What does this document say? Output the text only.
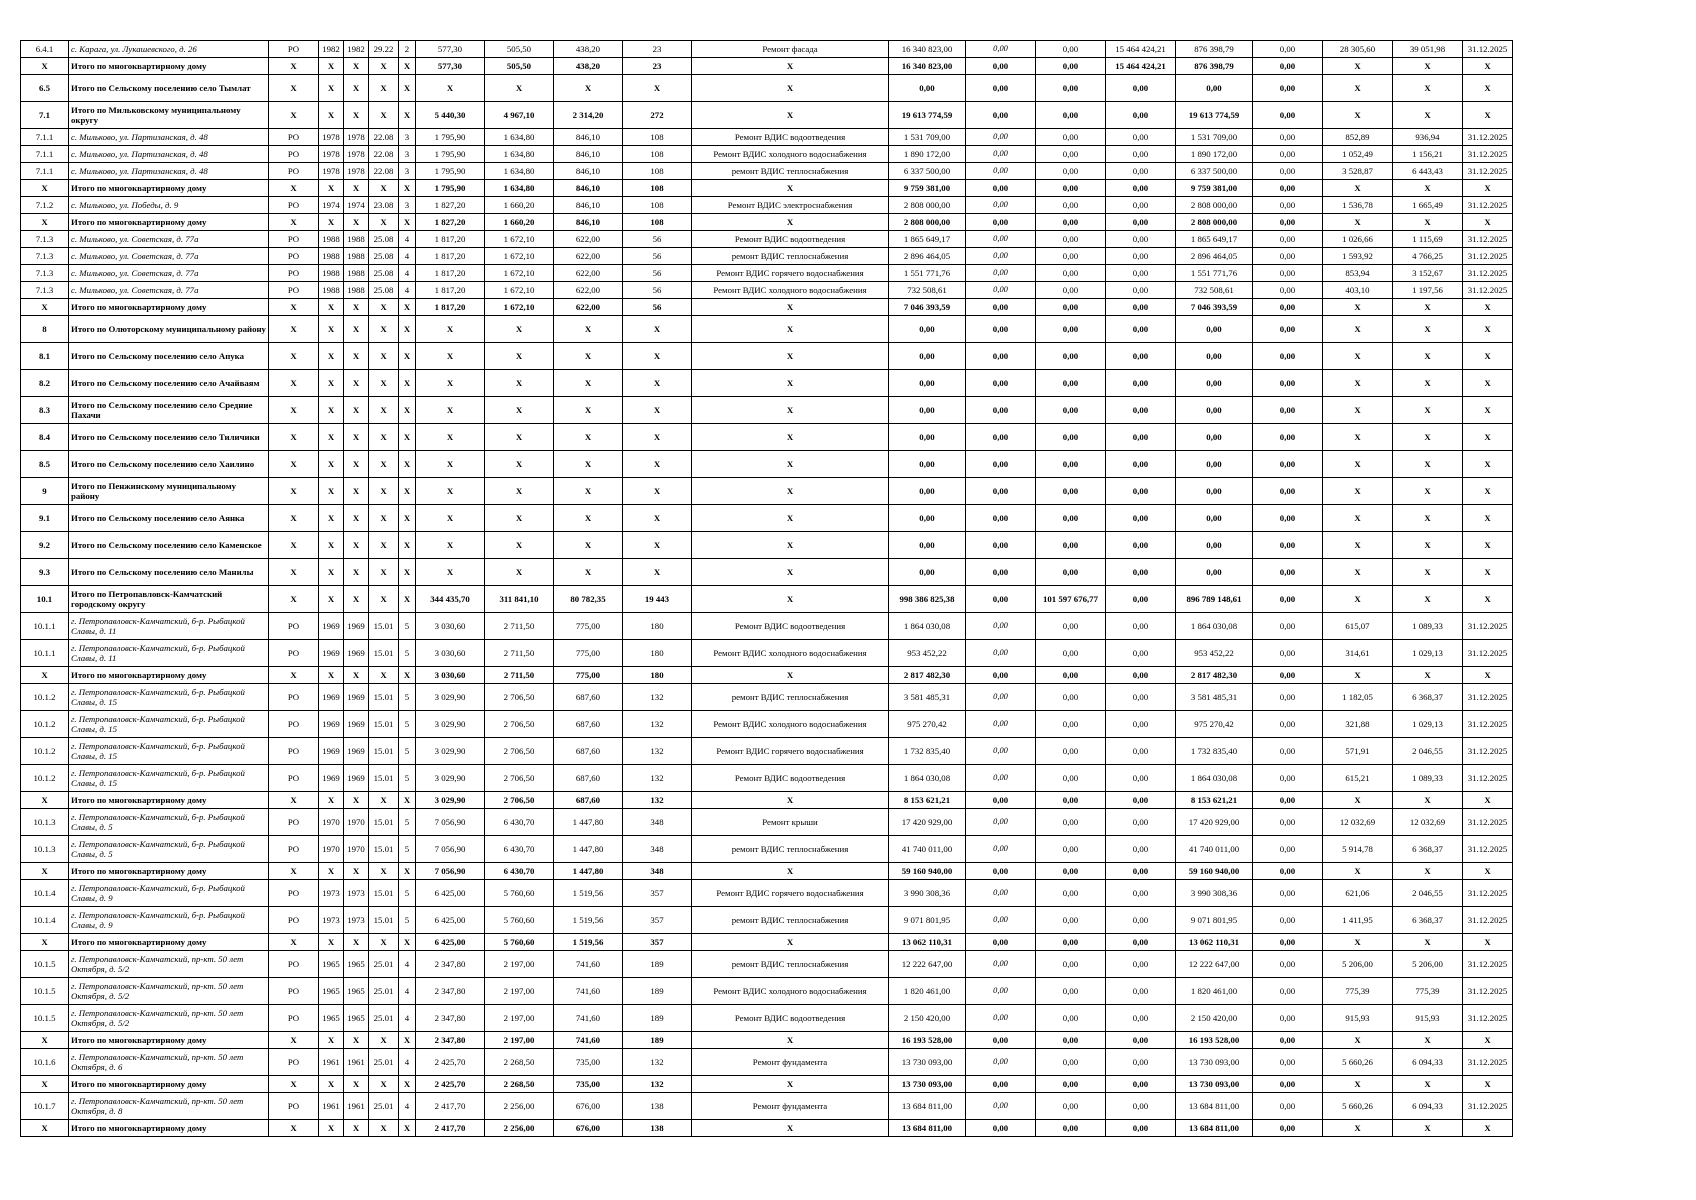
6.4.1	с. Карага, ул. Лукашевского, д. 26	РО	1982	1982	29.22	2	577,30	505,50	438,20	23	Ремонт фасада	16 340 823,00	0,00	0,00	15 464 424,21	876 398,79	0,00	28 305,60	39 051,98	31.12.2025
X	Итого по многоквартирному дому	X	X	X	X	X	577,30	505,50	438,20	23	X	16 340 823,00	0,00	0,00	15 464 424,21	876 398,79	0,00	X	X	X
6.5	Итого по Сельскому поселению село Тымлат	X	X	X	X	X	X	X	X	X	X	0,00	0,00	0,00	0,00	0,00	0,00	X	X	X
7.1	Итого по Мильковскому муниципальному округу	X	X	X	X	X	5 440,30	4 967,10	2 314,20	272	X	19 613 774,59	0,00	0,00	0,00	19 613 774,59	0,00	X	X	X
7.1.1	с. Мильково, ул. Партизанская, д. 48	РО	1978	1978	22.08	3	1 795,90	1 634,80	846,10	108	Ремонт ВДИС водоотведения	1 531 709,00	0,00	0,00	0,00	1 531 709,00	0,00	852,89	936,94	31.12.2025
7.1.1	с. Мильково, ул. Партизанская, д. 48	РО	1978	1978	22.08	3	1 795,90	1 634,80	846,10	108	Ремонт ВДИС холодного водоснабжения	1 890 172,00	0,00	0,00	0,00	1 890 172,00	0,00	1 052,49	1 156,21	31.12.2025
7.1.1	с. Мильково, ул. Партизанская, д. 48	РО	1978	1978	22.08	3	1 795,90	1 634,80	846,10	108	ремонт ВДИС теплоснабжения	6 337 500,00	0,00	0,00	0,00	6 337 500,00	0,00	3 528,87	6 443,43	31.12.2025
X	Итого по многоквартирному дому	X	X	X	X	X	1 795,90	1 634,80	846,10	108	X	9 759 381,00	0,00	0,00	0,00	9 759 381,00	0,00	X	X	X
7.1.2	с. Мильково, ул. Победы, д. 9	РО	1974	1974	23.08	3	1 827,20	1 660,20	846,10	108	Ремонт ВДИС электроснабжения	2 808 000,00	0,00	0,00	0,00	2 808 000,00	0,00	1 536,78	1 665,49	31.12.2025
X	Итого по многоквартирному дому	X	X	X	X	X	1 827,20	1 660,20	846,10	108	X	2 808 000,00	0,00	0,00	0,00	2 808 000,00	0,00	X	X	X
7.1.3	с. Мильково, ул. Советская, д. 77а	РО	1988	1988	25.08	4	1 817,20	1 672,10	622,00	56	Ремонт ВДИС водоотведения	1 865 649,17	0,00	0,00	0,00	1 865 649,17	0,00	1 026,66	1 115,69	31.12.2025
7.1.3	с. Мильково, ул. Советская, д. 77а	РО	1988	1988	25.08	4	1 817,20	1 672,10	622,00	56	ремонт ВДИС теплоснабжения	2 896 464,05	0,00	0,00	0,00	2 896 464,05	0,00	1 593,92	4 766,25	31.12.2025
7.1.3	с. Мильково, ул. Советская, д. 77а	РО	1988	1988	25.08	4	1 817,20	1 672,10	622,00	56	Ремонт ВДИС горячего водоснабжения	1 551 771,76	0,00	0,00	0,00	1 551 771,76	0,00	853,94	3 152,67	31.12.2025
7.1.3	с. Мильково, ул. Советская, д. 77а	РО	1988	1988	25.08	4	1 817,20	1 672,10	622,00	56	Ремонт ВДИС холодного водоснабжения	732 508,61	0,00	0,00	0,00	732 508,61	0,00	403,10	1 197,56	31.12.2025
X	Итого по многоквартирному дому	X	X	X	X	X	1 817,20	1 672,10	622,00	56	X	7 046 393,59	0,00	0,00	0,00	7 046 393,59	0,00	X	X	X
8	Итого по Олюторскому муниципальному району	X	X	X	X	X	X	X	X	X	X	0,00	0,00	0,00	0,00	0,00	0,00	X	X	X
8.1	Итого по Сельскому поселению село Апука	X	X	X	X	X	X	X	X	X	X	0,00	0,00	0,00	0,00	0,00	0,00	X	X	X
8.2	Итого по Сельскому поселению село Ачайваям	X	X	X	X	X	X	X	X	X	X	0,00	0,00	0,00	0,00	0,00	0,00	X	X	X
8.3	Итого по Сельскому поселению село Средние Пахачи	X	X	X	X	X	X	X	X	X	X	0,00	0,00	0,00	0,00	0,00	0,00	X	X	X
8.4	Итого по Сельскому поселению село Тиличики	X	X	X	X	X	X	X	X	X	X	0,00	0,00	0,00	0,00	0,00	0,00	X	X	X
8.5	Итого по Сельскому поселению село Хаилино	X	X	X	X	X	X	X	X	X	X	0,00	0,00	0,00	0,00	0,00	0,00	X	X	X
9	Итого по Пенжинскому муниципальному району	X	X	X	X	X	X	X	X	X	X	0,00	0,00	0,00	0,00	0,00	0,00	X	X	X
9.1	Итого по Сельскому поселению село Аянка	X	X	X	X	X	X	X	X	X	X	0,00	0,00	0,00	0,00	0,00	0,00	X	X	X
9.2	Итого по Сельскому поселению село Каменское	X	X	X	X	X	X	X	X	X	X	0,00	0,00	0,00	0,00	0,00	0,00	X	X	X
9.3	Итого по Сельскому поселению село Манилы	X	X	X	X	X	X	X	X	X	X	0,00	0,00	0,00	0,00	0,00	0,00	X	X	X
10.1	Итого по Петропавловск-Камчатский городскому округу	X	X	X	X	X	344 435,70	311 841,10	80 782,35	19 443	X	998 386 825,38	0,00	101 597 676,77	0,00	896 789 148,61	0,00	X	X	X
10.1.1	г. Петропавловск-Камчатский, б-р. Рыбацкой Славы, д. 11	РО	1969	1969	15.01	5	3 030,60	2 711,50	775,00	180	Ремонт ВДИС водоотведения	1 864 030,08	0,00	0,00	0,00	1 864 030,08	0,00	615,07	1 089,33	31.12.2025
10.1.1	г. Петропавловск-Камчатский, б-р. Рыбацкой Славы, д. 11	РО	1969	1969	15.01	5	3 030,60	2 711,50	775,00	180	Ремонт ВДИС холодного водоснабжения	953 452,22	0,00	0,00	0,00	953 452,22	0,00	314,61	1 029,13	31.12.2025
X	Итого по многоквартирному дому	X	X	X	X	X	3 030,60	2 711,50	775,00	180	X	2 817 482,30	0,00	0,00	0,00	2 817 482,30	0,00	X	X	X
10.1.2	г. Петропавловск-Камчатский, б-р. Рыбацкой Славы, д. 15	РО	1969	1969	15.01	5	3 029,90	2 706,50	687,60	132	ремонт ВДИС теплоснабжения	3 581 485,31	0,00	0,00	0,00	3 581 485,31	0,00	1 182,05	6 368,37	31.12.2025
10.1.2	г. Петропавловск-Камчатский, б-р. Рыбацкой Славы, д. 15	РО	1969	1969	15.01	5	3 029,90	2 706,50	687,60	132	Ремонт ВДИС холодного водоснабжения	975 270,42	0,00	0,00	0,00	975 270,42	0,00	321,88	1 029,13	31.12.2025
10.1.2	г. Петропавловск-Камчатский, б-р. Рыбацкой Славы, д. 15	РО	1969	1969	15.01	5	3 029,90	2 706,50	687,60	132	Ремонт ВДИС горячего водоснабжения	1 732 835,40	0,00	0,00	0,00	1 732 835,40	0,00	571,91	2 046,55	31.12.2025
10.1.2	г. Петропавловск-Камчатский, б-р. Рыбацкой Славы, д. 15	РО	1969	1969	15.01	5	3 029,90	2 706,50	687,60	132	Ремонт ВДИС водоотведения	1 864 030,08	0,00	0,00	0,00	1 864 030,08	0,00	615,21	1 089,33	31.12.2025
X	Итого по многоквартирному дому	X	X	X	X	X	3 029,90	2 706,50	687,60	132	X	8 153 621,21	0,00	0,00	0,00	8 153 621,21	0,00	X	X	X
10.1.3	г. Петропавловск-Камчатский, б-р. Рыбацкой Славы, д. 5	РО	1970	1970	15.01	5	7 056,90	6 430,70	1 447,80	348	Ремонт крыши	17 420 929,00	0,00	0,00	0,00	17 420 929,00	0,00	12 032,69	12 032,69	31.12.2025
10.1.3	г. Петропавловск-Камчатский, б-р. Рыбацкой Славы, д. 5	РО	1970	1970	15.01	5	7 056,90	6 430,70	1 447,80	348	ремонт ВДИС теплоснабжения	41 740 011,00	0,00	0,00	0,00	41 740 011,00	0,00	5 914,78	6 368,37	31.12.2025
X	Итого по многоквартирному дому	X	X	X	X	X	7 056,90	6 430,70	1 447,80	348	X	59 160 940,00	0,00	0,00	0,00	59 160 940,00	0,00	X	X	X
10.1.4	г. Петропавловск-Камчатский, б-р. Рыбацкой Славы, д. 9	РО	1973	1973	15.01	5	6 425,00	5 760,60	1 519,56	357	Ремонт ВДИС горячего водоснабжения	3 990 308,36	0,00	0,00	0,00	3 990 308,36	0,00	621,06	2 046,55	31.12.2025
10.1.4	г. Петропавловск-Камчатский, б-р. Рыбацкой Славы, д. 9	РО	1973	1973	15.01	5	6 425,00	5 760,60	1 519,56	357	ремонт ВДИС теплоснабжения	9 071 801,95	0,00	0,00	0,00	9 071 801,95	0,00	1 411,95	6 368,37	31.12.2025
X	Итого по многоквартирному дому	X	X	X	X	X	6 425,00	5 760,60	1 519,56	357	X	13 062 110,31	0,00	0,00	0,00	13 062 110,31	0,00	X	X	X
10.1.5	г. Петропавловск-Камчатский, пр-кт. 50 лет Октября, д. 5/2	РО	1965	1965	25.01	4	2 347,80	2 197,00	741,60	189	ремонт ВДИС теплоснабжения	12 222 647,00	0,00	0,00	0,00	12 222 647,00	0,00	5 206,00	5 206,00	31.12.2025
10.1.5	г. Петропавловск-Камчатский, пр-кт. 50 лет Октября, д. 5/2	РО	1965	1965	25.01	4	2 347,80	2 197,00	741,60	189	Ремонт ВДИС холодного водоснабжения	1 820 461,00	0,00	0,00	0,00	1 820 461,00	0,00	775,39	775,39	31.12.2025
10.1.5	г. Петропавловск-Камчатский, пр-кт. 50 лет Октября, д. 5/2	РО	1965	1965	25.01	4	2 347,80	2 197,00	741,60	189	Ремонт ВДИС водоотведения	2 150 420,00	0,00	0,00	0,00	2 150 420,00	0,00	915,93	915,93	31.12.2025
X	Итого по многоквартирному дому	X	X	X	X	X	2 347,80	2 197,00	741,60	189	X	16 193 528,00	0,00	0,00	0,00	16 193 528,00	0,00	X	X	X
10.1.6	г. Петропавловск-Камчатский, пр-кт. 50 лет Октября, д. 6	РО	1961	1961	25.01	4	2 425,70	2 268,50	735,00	132	Ремонт фундамента	13 730 093,00	0,00	0,00	0,00	13 730 093,00	0,00	5 660,26	6 094,33	31.12.2025
X	Итого по многоквартирному дому	X	X	X	X	X	2 425,70	2 268,50	735,00	132	X	13 730 093,00	0,00	0,00	0,00	13 730 093,00	0,00	X	X	X
10.1.7	г. Петропавловск-Камчатский, пр-кт. 50 лет Октября, д. 8	РО	1961	1961	25.01	4	2 417,70	2 256,00	676,00	138	Ремонт фундамента	13 684 811,00	0,00	0,00	0,00	13 684 811,00	0,00	5 660,26	6 094,33	31.12.2025
X	Итого по многоквартирному дому	X	X	X	X	X	2 417,70	2 256,00	676,00	138	X	13 684 811,00	0,00	0,00	0,00	13 684 811,00	0,00	X	X	X
